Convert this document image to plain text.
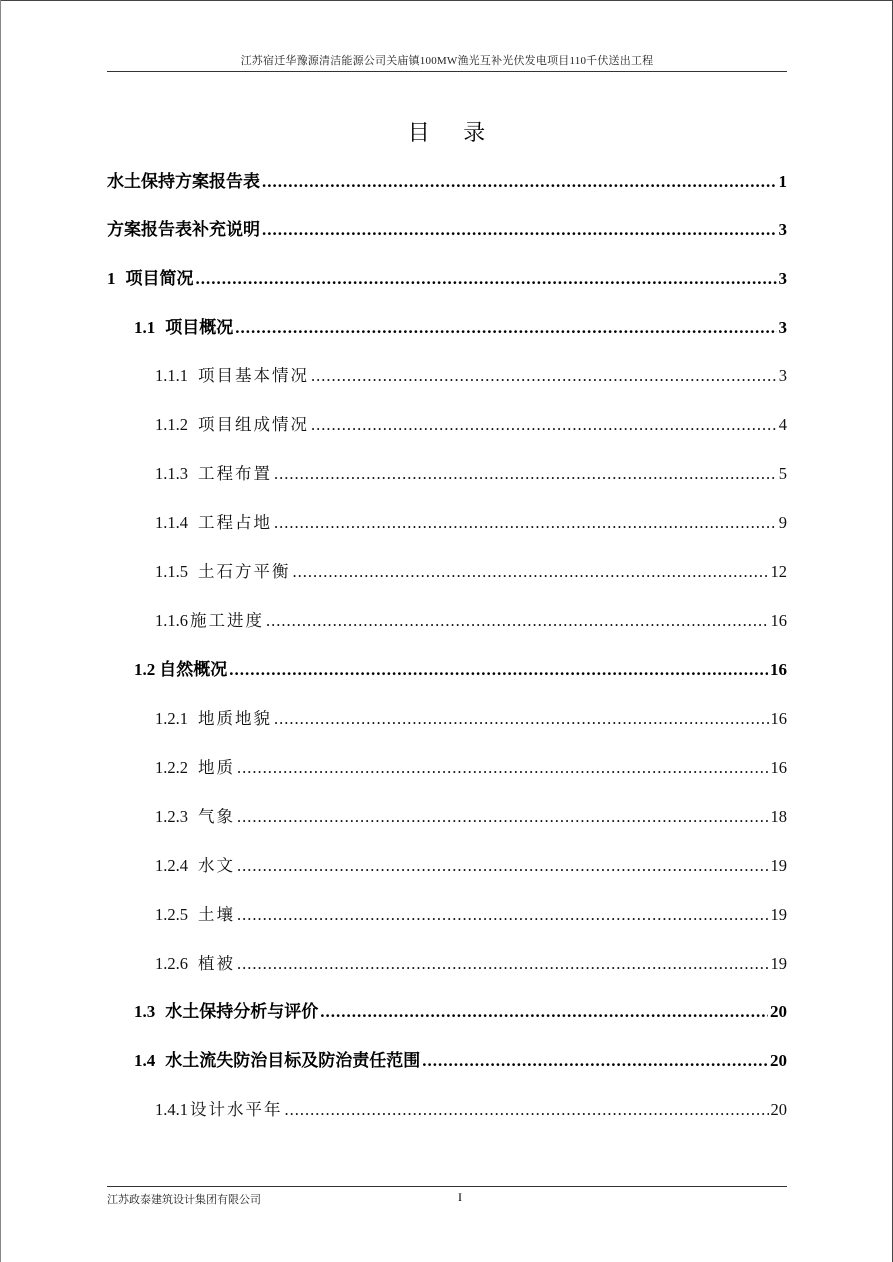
江苏宿迁华豫源清洁能源公司关庙镇100MW渔光互补光伏发电项目110千伏送出工程
目 录
水土保持方案报告表 .....	1
方案报告表补充说明 .....	3
1 项目简况 .....	3
1.1 项目概况 .....	3
1.1.1 项目基本情况 .....	3
1.1.2 项目组成情况 .....	4
1.1.3 工程布置 .....	5
1.1.4 工程占地 .....	9
1.1.5 土石方平衡 .....	12
1.1.6 施工进度 .....	16
1.2 自然概况 .....	16
1.2.1 地质地貌 .....	16
1.2.2 地质 .....	16
1.2.3 气象 .....	18
1.2.4 水文 .....	19
1.2.5 土壤 .....	19
1.2.6 植被 .....	19
1.3 水土保持分析与评价 .....	20
1.4 水土流失防治目标及防治责任范围 .....	20
1.4.1 设计水平年 .....	20
江苏政泰建筑设计集团有限公司	I
